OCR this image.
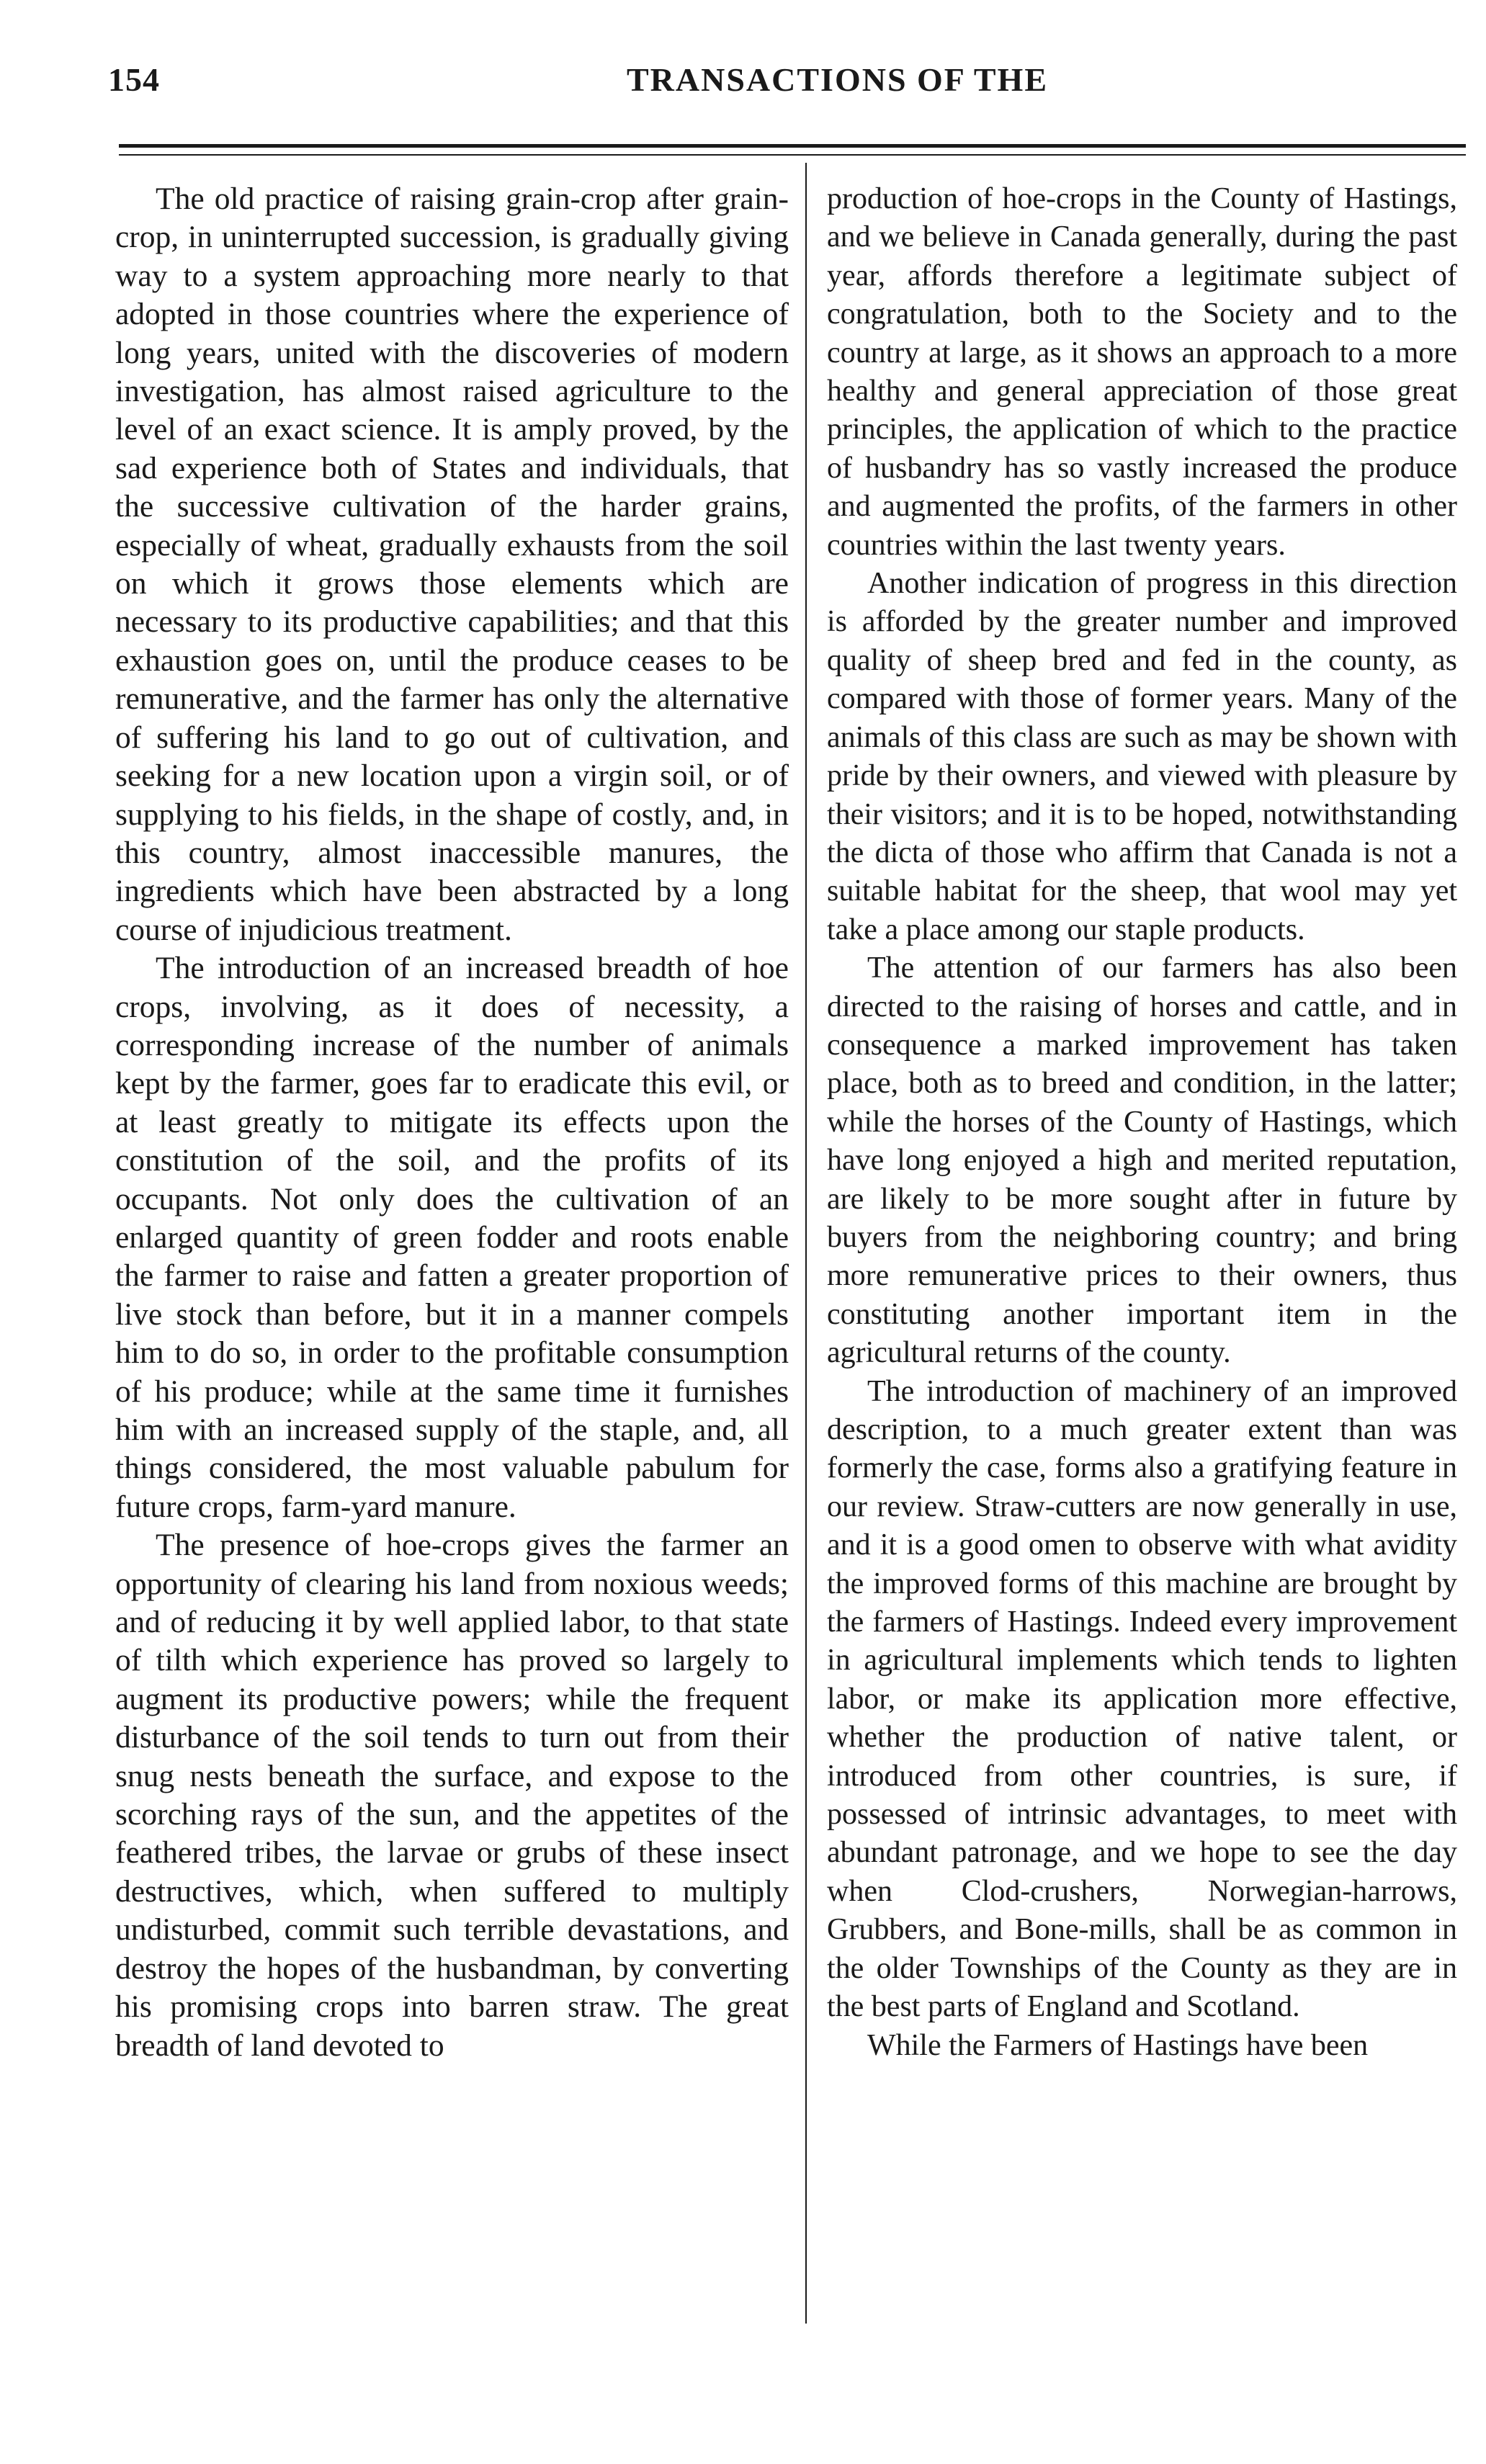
154	TRANSACTIONS OF THE

The old practice of raising grain-crop after grain-crop, in uninterrupted succession, is gradually giving way to a system approaching more nearly to that adopted in those countries where the experience of long years, united with the discoveries of modern investigation, has almost raised agriculture to the level of an exact science. It is amply proved, by the sad experience both of States and individuals, that the successive cultivation of the harder grains, especially of wheat, gradually exhausts from the soil on which it grows those elements which are necessary to its productive capabilities; and that this exhaustion goes on, until the produce ceases to be remunerative, and the farmer has only the alternative of suffering his land to go out of cultivation, and seeking for a new location upon a virgin soil, or of supplying to his fields, in the shape of costly, and, in this country, almost inaccessible manures, the ingredients which have been abstracted by a long course of injudicious treatment.

The introduction of an increased breadth of hoe crops, involving, as it does of necessity, a corresponding increase of the number of animals kept by the farmer, goes far to eradicate this evil, or at least greatly to mitigate its effects upon the constitution of the soil, and the profits of its occupants. Not only does the cultivation of an enlarged quantity of green fodder and roots enable the farmer to raise and fatten a greater proportion of live stock than before, but it in a manner compels him to do so, in order to the profitable consumption of his produce; while at the same time it furnishes him with an increased supply of the staple, and, all things considered, the most valuable pabulum for future crops, farm-yard manure.

The presence of hoe-crops gives the farmer an opportunity of clearing his land from noxious weeds; and of reducing it by well applied labor, to that state of tilth which experience has proved so largely to augment its productive powers; while the frequent disturbance of the soil tends to turn out from their snug nests beneath the surface, and expose to the scorching rays of the sun, and the appetites of the feathered tribes, the larvae or grubs of these insect destructives, which, when suffered to multiply undisturbed, commit such terrible devastations, and destroy the hopes of the husbandman, by converting his promising crops into barren straw. The great breadth of land devoted to

production of hoe-crops in the County of Hastings, and we believe in Canada generally, during the past year, affords therefore a legitimate subject of congratulation, both to the Society and to the country at large, as it shows an approach to a more healthy and general appreciation of those great principles, the application of which to the practice of husbandry has so vastly increased the produce and augmented the profits, of the farmers in other countries within the last twenty years.

Another indication of progress in this direction is afforded by the greater number and improved quality of sheep bred and fed in the county, as compared with those of former years. Many of the animals of this class are such as may be shown with pride by their owners, and viewed with pleasure by their visitors; and it is to be hoped, notwithstanding the dicta of those who affirm that Canada is not a suitable habitat for the sheep, that wool may yet take a place among our staple products.

The attention of our farmers has also been directed to the raising of horses and cattle, and in consequence a marked improvement has taken place, both as to breed and condition, in the latter; while the horses of the County of Hastings, which have long enjoyed a high and merited reputation, are likely to be more sought after in future by buyers from the neighboring country; and bring more remunerative prices to their owners, thus constituting another important item in the agricultural returns of the county.

The introduction of machinery of an improved description, to a much greater extent than was formerly the case, forms also a gratifying feature in our review. Straw-cutters are now generally in use, and it is a good omen to observe with what avidity the improved forms of this machine are brought by the farmers of Hastings. Indeed every improvement in agricultural implements which tends to lighten labor, or make its application more effective, whether the production of native talent, or introduced from other countries, is sure, if possessed of intrinsic advantages, to meet with abundant patronage, and we hope to see the day when Clod-crushers, Norwegian-harrows, Grubbers, and Bone-mills, shall be as common in the older Townships of the County as they are in the best parts of England and Scotland.

While the Farmers of Hastings have been
